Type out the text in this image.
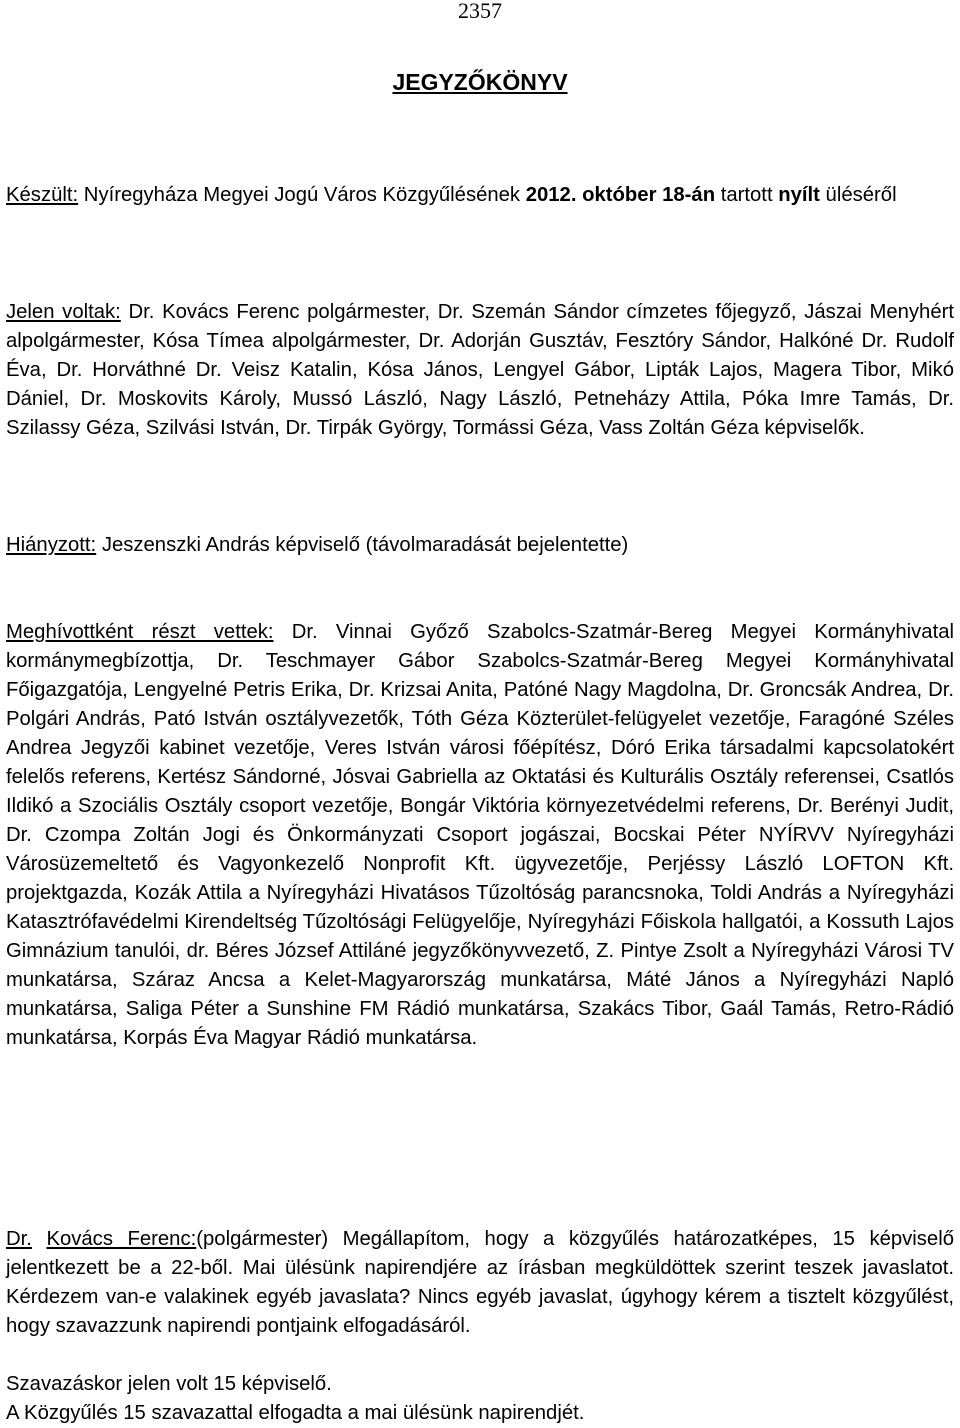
2357
JEGYZŐKÖNYV
Készült: Nyíregyháza Megyei Jogú Város Közgyűlésének 2012. október 18-án tartott nyílt üléséről
Jelen voltak: Dr. Kovács Ferenc polgármester, Dr. Szemán Sándor címzetes főjegyző, Jászai Menyhért alpolgármester, Kósa Tímea alpolgármester, Dr. Adorján Gusztáv, Fesztóry Sándor, Halkóné Dr. Rudolf Éva, Dr. Horváthné Dr. Veisz Katalin, Kósa János, Lengyel Gábor, Lipták Lajos, Magera Tibor, Mikó Dániel, Dr. Moskovits Károly, Mussó László, Nagy László, Petneházy Attila, Póka Imre Tamás, Dr. Szilassy Géza, Szilvási István, Dr. Tirpák György, Tormássi Géza, Vass Zoltán Géza képviselők.
Hiányzott: Jeszenszki András képviselő (távolmaradását bejelentette)
Meghívottként részt vettek: Dr. Vinnai Győző Szabolcs-Szatmár-Bereg Megyei Kormányhivatal kormánymegbízottja, Dr. Teschmayer Gábor Szabolcs-Szatmár-Bereg Megyei Kormányhivatal Főigazgatója, Lengyelné Petris Erika, Dr. Krizsai Anita, Patóné Nagy Magdolna, Dr. Groncsák Andrea, Dr. Polgári András, Pató István osztályvezetők, Tóth Géza Közterület-felügyelet vezetője, Faragóné Széles Andrea Jegyzői kabinet vezetője, Veres István városi főépítész, Dóró Erika társadalmi kapcsolatokért felelős referens, Kertész Sándorné, Jósvai Gabriella az Oktatási és Kulturális Osztály referensei, Csatlós Ildikó a Szociális Osztály csoport vezetője, Bongár Viktória környezetvédelmi referens, Dr. Berényi Judit, Dr. Czompa Zoltán Jogi és Önkormányzati Csoport jogászai, Bocskai Péter NYÍRVV Nyíregyházi Városüzemeltető és Vagyonkezelő Nonprofit Kft. ügyvezetője, Perjéssy László LOFTON Kft. projektgazda, Kozák Attila a Nyíregyházi Hivatásos Tűzoltóság parancsnoka, Toldi András a Nyíregyházi Katasztrófavédelmi Kirendeltség Tűzoltósági Felügyelője, Nyíregyházi Főiskola hallgatói, a Kossuth Lajos Gimnázium tanulói, dr. Béres József Attiláné jegyzőkönyvvezető, Z. Pintye Zsolt a Nyíregyházi Városi TV munkatársa, Száraz Ancsa a Kelet-Magyarország munkatársa, Máté János a Nyíregyházi Napló munkatársa, Saliga Péter a Sunshine FM Rádió munkatársa, Szakács Tibor, Gaál Tamás, Retro-Rádió munkatársa, Korpás Éva Magyar Rádió munkatársa.
Dr. Kovács Ferenc:(polgármester) Megállapítom, hogy a közgyűlés határozatképes, 15 képviselő jelentkezett be a 22-ből. Mai ülésünk napirendjére az írásban megküldöttek szerint teszek javaslatot. Kérdezem van-e valakinek egyéb javaslata? Nincs egyéb javaslat, úgyhogy kérem a tisztelt közgyűlést, hogy szavazzunk napirendi pontjaink elfogadásáról.
Szavazáskor jelen volt 15 képviselő.
A Közgyűlés 15 szavazattal elfogadta a mai ülésünk napirendjét.
